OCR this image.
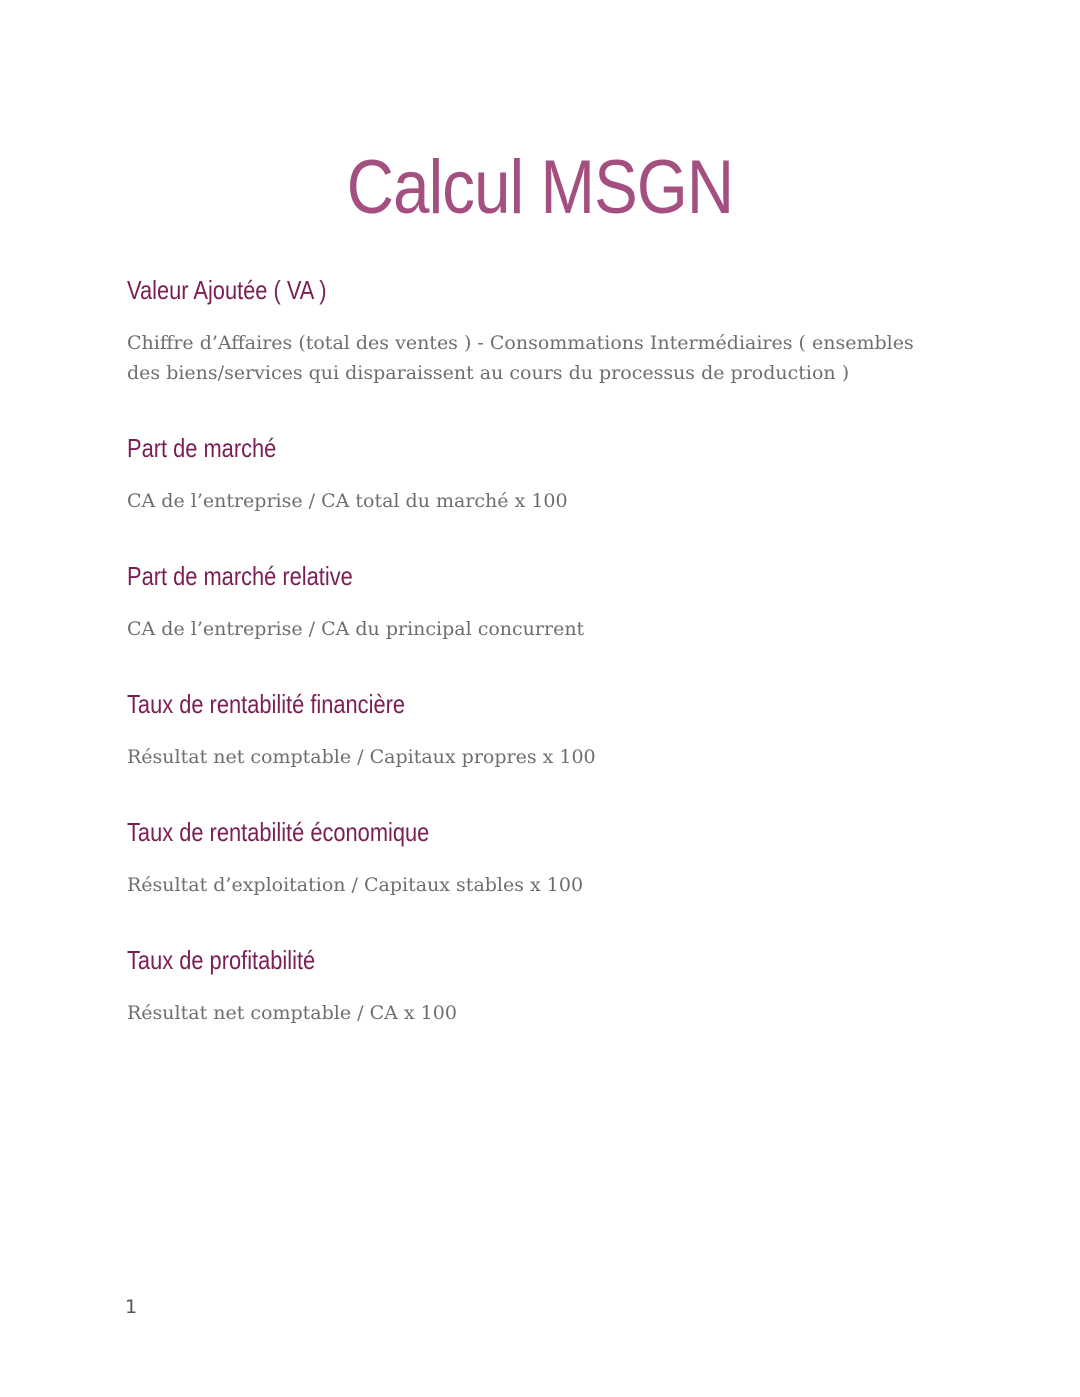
Calcul MSGN
Valeur Ajoutée ( VA )

Chiffre d’Affaires (total des ventes ) - Consommations Intermédiaires ( ensembles des biens/services qui disparaissent au cours du processus de production )

Part de marché

CA de l’entreprise / CA total du marché x 100

Part de marché relative

CA de l’entreprise / CA du principal concurrent

Taux de rentabilité financière

Résultat net comptable / Capitaux propres x 100

Taux de rentabilité économique

Résultat d’exploitation / Capitaux stables x 100

Taux de profitabilité

Résultat net comptable / CA x 100

1
